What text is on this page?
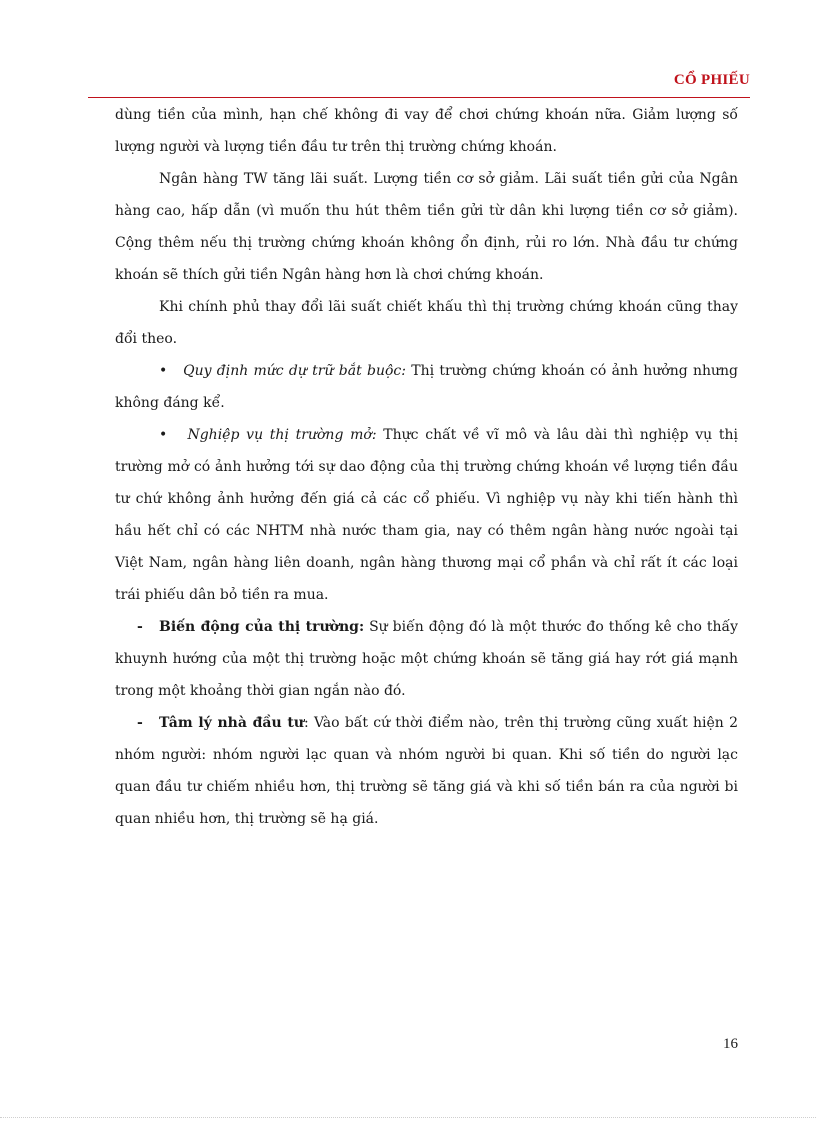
CỔ PHIẾU

dùng tiền của mình, hạn chế không đi vay để chơi chứng khoán nữa. Giảm lượng số lượng người và lượng tiền đầu tư trên thị trường chứng khoán.

Ngân hàng TW tăng lãi suất. Lượng tiền cơ sở giảm. Lãi suất tiền gửi của Ngân hàng cao, hấp dẫn (vì muốn thu hút thêm tiền gửi từ dân khi lượng tiền cơ sở giảm). Cộng thêm nếu thị trường chứng khoán không ổn định, rủi ro lớn. Nhà đầu tư chứng khoán sẽ thích gửi tiền Ngân hàng hơn là chơi chứng khoán.

Khi chính phủ thay đổi lãi suất chiết khấu thì thị trường chứng khoán cũng thay đổi theo.

• Quy định mức dự trữ bắt buộc: Thị trường chứng khoán có ảnh hưởng nhưng không đáng kể.

• Nghiệp vụ thị trường mở: Thực chất về vĩ mô và lâu dài thì nghiệp vụ thị trường mở có ảnh hưởng tới sự dao động của thị trường chứng khoán về lượng tiền đầu tư chứ không ảnh hưởng đến giá cả các cổ phiếu. Vì nghiệp vụ này khi tiến hành thì hầu hết chỉ có các NHTM nhà nước tham gia, nay có thêm ngân hàng nước ngoài tại Việt Nam, ngân hàng liên doanh, ngân hàng thương mại cổ phần và chỉ rất ít các loại trái phiếu dân bỏ tiền ra mua.

- Biến động của thị trường: Sự biến động đó là một thước đo thống kê cho thấy khuynh hướng của một thị trường hoặc một chứng khoán sẽ tăng giá hay rớt giá mạnh trong một khoảng thời gian ngắn nào đó.

- Tâm lý nhà đầu tư: Vào bất cứ thời điểm nào, trên thị trường cũng xuất hiện 2 nhóm người: nhóm người lạc quan và nhóm người bi quan. Khi số tiền do người lạc quan đầu tư chiếm nhiều hơn, thị trường sẽ tăng giá và khi số tiền bán ra của người bi quan nhiều hơn, thị trường sẽ hạ giá.

16
